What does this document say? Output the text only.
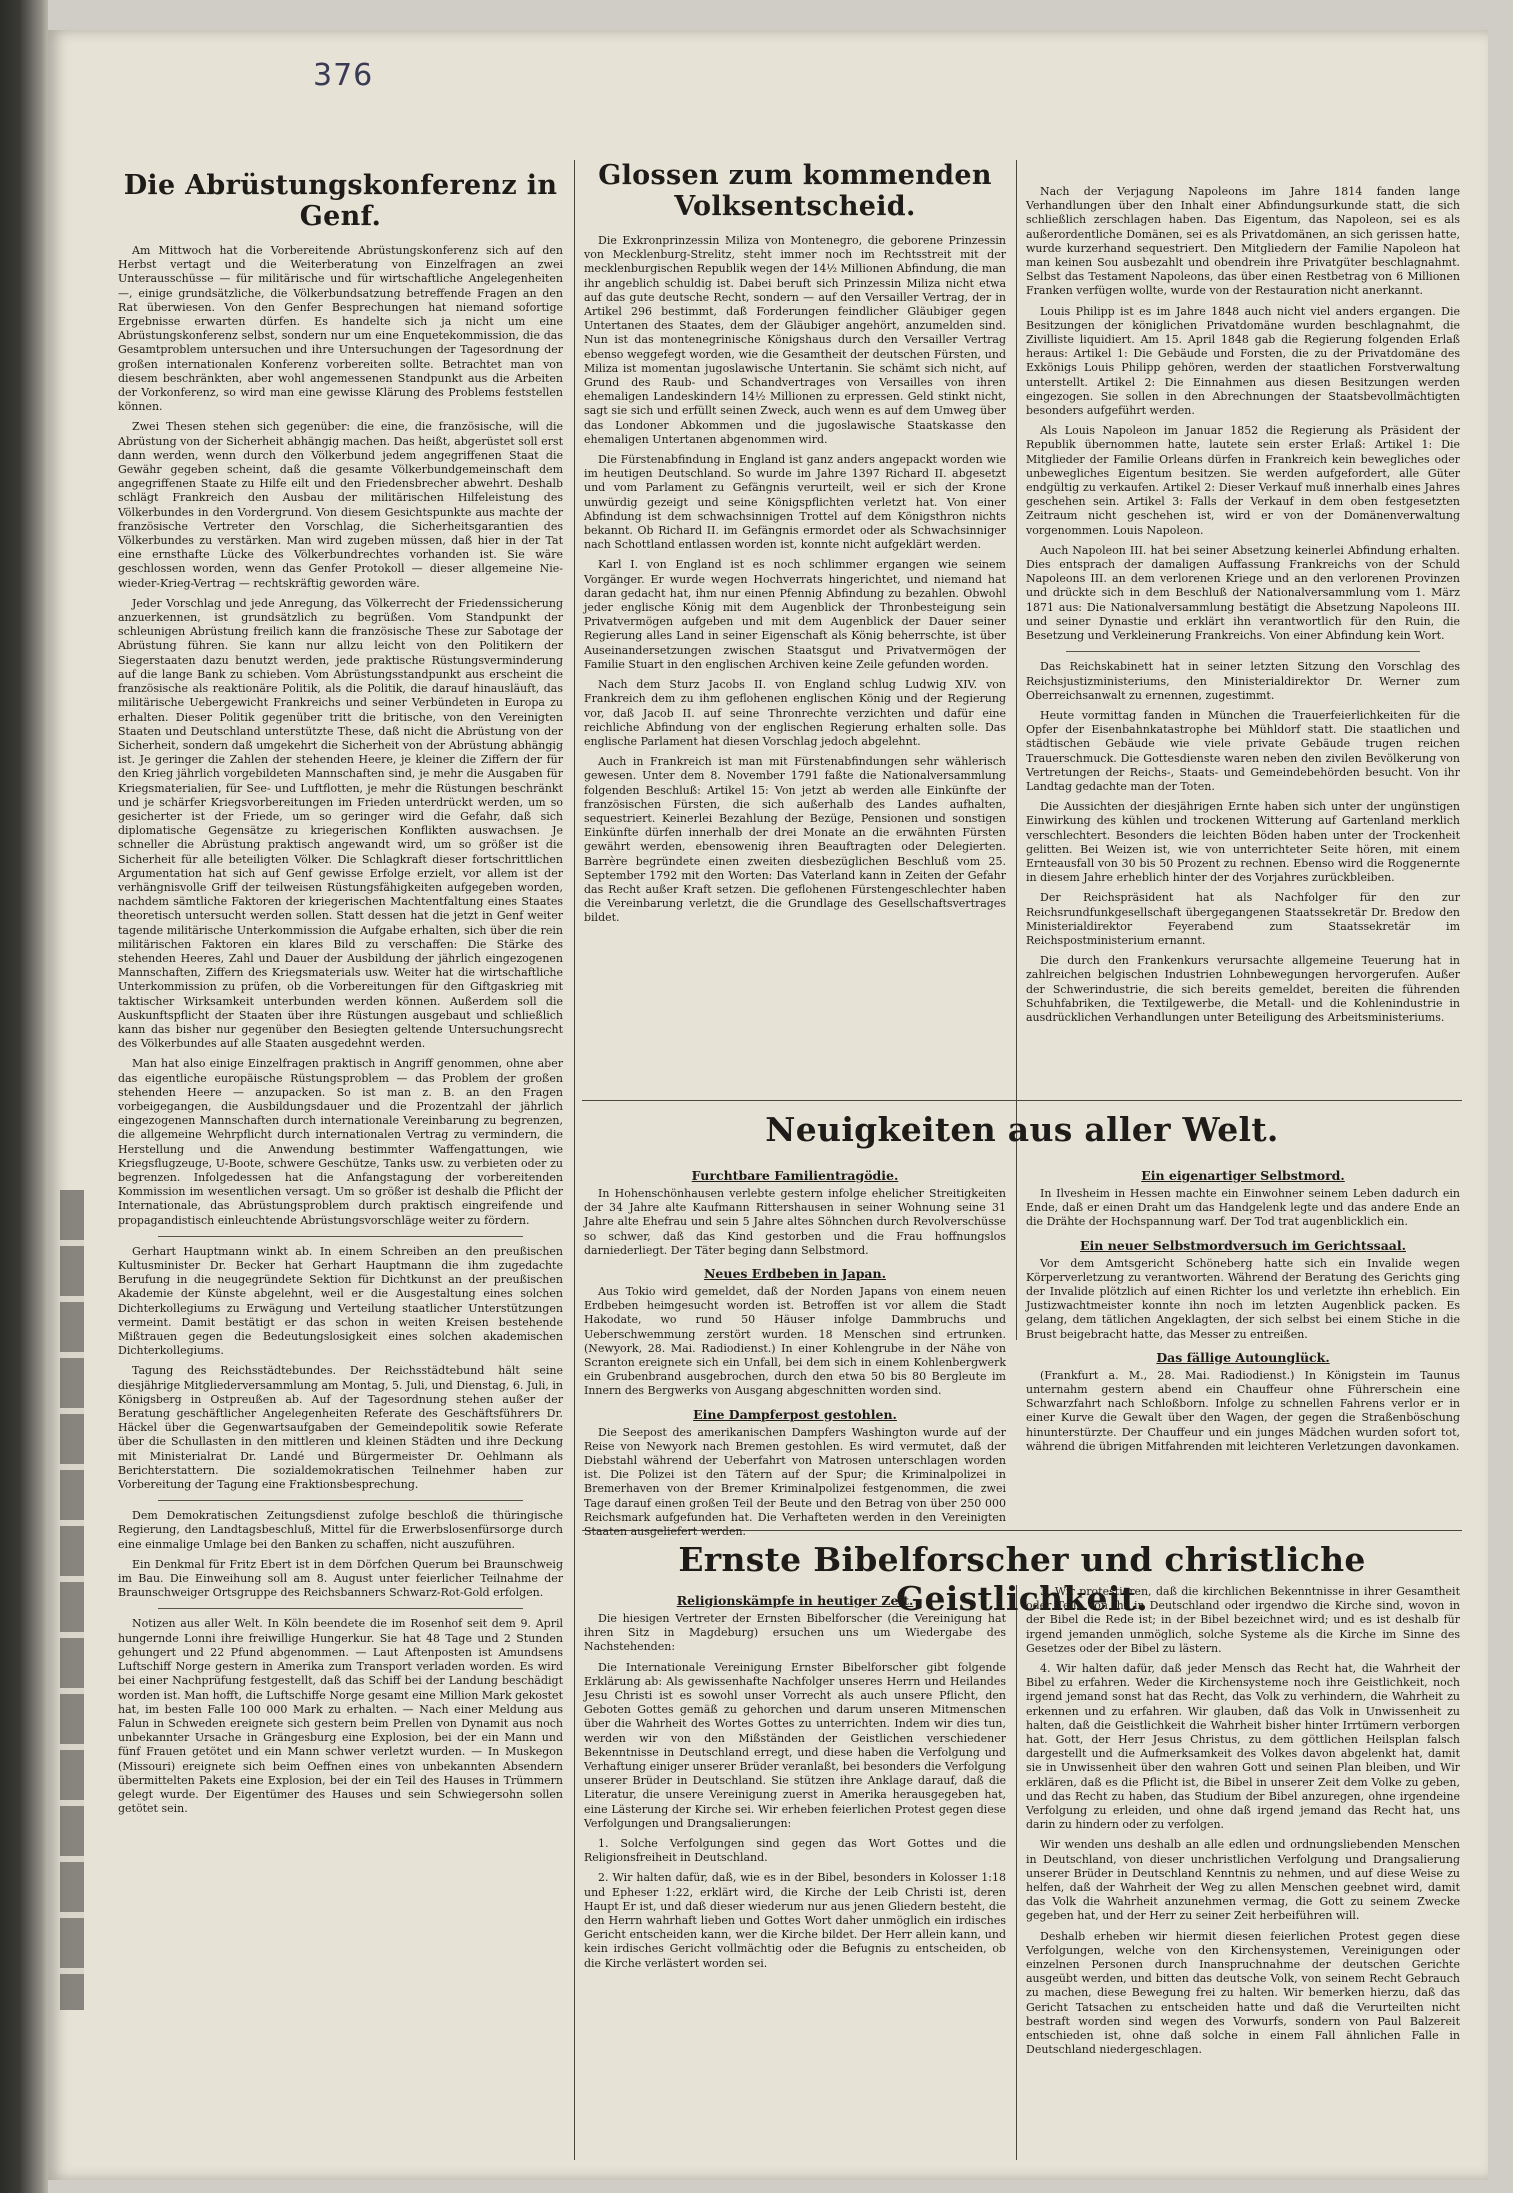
376
Die Abrüstungskonferenz in Genf.

Am Mittwoch hat die Vorbereitende Abrüstungskonferenz sich auf den Herbst vertagt und die Weiterberatung von Einzelfragen an zwei Unterausschüsse — für militärische und für wirtschaftliche Angelegenheiten —, einige grundsätzliche, die Völkerbundsatzung betreffende Fragen an den Rat überwiesen. Von den Genfer Besprechungen hat niemand sofortige Ergebnisse erwarten dürfen. Es handelte sich ja nicht um eine Abrüstungskonferenz selbst, sondern nur um eine Enquetekommission, die das Gesamtproblem untersuchen und ihre Untersuchungen der Tagesordnung der großen internationalen Konferenz vorbereiten sollte. Betrachtet man von diesem beschränkten, aber wohl angemessenen Standpunkt aus die Arbeiten der Vorkonferenz, so wird man eine gewisse Klärung des Problems feststellen können.

Zwei Thesen stehen sich gegenüber: die eine, die französische, will die Abrüstung von der Sicherheit abhängig machen. Das heißt, abgerüstet soll erst dann werden, wenn durch den Völkerbund jedem angegriffenen Staat die Gewähr gegeben scheint, daß die gesamte Völkerbundgemeinschaft dem angegriffenen Staate zu Hilfe eilt und den Friedensbrecher abwehrt. Deshalb schlägt Frankreich den Ausbau der militärischen Hilfeleistung des Völkerbundes in den Vordergrund. Von diesem Gesichtspunkte aus machte der französische Vertreter den Vorschlag, die Sicherheitsgarantien des Völkerbundes zu verstärken. Man wird zugeben müssen, daß hier in der Tat eine ernsthafte Lücke des Völkerbundrechtes vorhanden ist. Sie wäre geschlossen worden, wenn das Genfer Protokoll — dieser allgemeine Nie-wieder-Krieg-Vertrag — rechtskräftig geworden wäre.

Jeder Vorschlag und jede Anregung, das Völkerrecht der Friedenssicherung anzuerkennen, ist grundsätzlich zu begrüßen. Vom Standpunkt der schleunigen Abrüstung freilich kann die französische These zur Sabotage der Abrüstung führen. Sie kann nur allzu leicht von den Politikern der Siegerstaaten dazu benutzt werden, jede praktische Rüstungsverminderung auf die lange Bank zu schieben. Vom Abrüstungsstandpunkt aus erscheint die französische als reaktionäre Politik, als die Politik, die darauf hinausläuft, das militärische Uebergewicht Frankreichs und seiner Verbündeten in Europa zu erhalten. Dieser Politik gegenüber tritt die britische, von den Vereinigten Staaten und Deutschland unterstützte These, daß nicht die Abrüstung von der Sicherheit, sondern daß umgekehrt die Sicherheit von der Abrüstung abhängig ist. Je geringer die Zahlen der stehenden Heere, je kleiner die Ziffern der für den Krieg jährlich vorgebildeten Mannschaften sind, je mehr die Ausgaben für Kriegsmaterialien, für See- und Luftflotten, je mehr die Rüstungen beschränkt und je schärfer Kriegsvorbereitungen im Frieden unterdrückt werden, um so gesicherter ist der Friede, um so geringer wird die Gefahr, daß sich diplomatische Gegensätze zu kriegerischen Konflikten auswachsen. Je schneller die Abrüstung praktisch angewandt wird, um so größer ist die Sicherheit für alle beteiligten Völker. Die Schlagkraft dieser fortschrittlichen Argumentation hat sich auf Genf gewisse Erfolge erzielt, vor allem ist der verhängnisvolle Griff der teilweisen Rüstungsfähigkeiten aufgegeben worden, nachdem sämtliche Faktoren der kriegerischen Machtentfaltung eines Staates theoretisch untersucht werden sollen. Statt dessen hat die jetzt in Genf weiter tagende militärische Unterkommission die Aufgabe erhalten, sich über die rein militärischen Faktoren ein klares Bild zu verschaffen: Die Stärke des stehenden Heeres, Zahl und Dauer der Ausbildung der jährlich eingezogenen Mannschaften, Ziffern des Kriegsmaterials usw. Weiter hat die wirtschaftliche Unterkommission zu prüfen, ob die Vorbereitungen für den Giftgaskrieg mit taktischer Wirksamkeit unterbunden werden können. Außerdem soll die Auskunftspflicht der Staaten über ihre Rüstungen ausgebaut und schließlich kann das bisher nur gegenüber den Besiegten geltende Untersuchungsrecht des Völkerbundes auf alle Staaten ausgedehnt werden.

Man hat also einige Einzelfragen praktisch in Angriff genommen, ohne aber das eigentliche europäische Rüstungsproblem — das Problem der großen stehenden Heere — anzupacken. So ist man z. B. an den Fragen vorbeigegangen, die Ausbildungsdauer und die Prozentzahl der jährlich eingezogenen Mannschaften durch internationale Vereinbarung zu begrenzen, die allgemeine Wehrpflicht durch internationalen Vertrag zu vermindern, die Herstellung und die Anwendung bestimmter Waffengattungen, wie Kriegsflugzeuge, U-Boote, schwere Geschütze, Tanks usw. zu verbieten oder zu begrenzen. Infolgedessen hat die Anfangstagung der vorbereitenden Kommission im wesentlichen versagt. Um so größer ist deshalb die Pflicht der Internationale, das Abrüstungsproblem durch praktisch eingreifende und propagandistisch einleuchtende Abrüstungsvorschläge weiter zu fördern.

Gerhart Hauptmann winkt ab. In einem Schreiben an den preußischen Kultusminister Dr. Becker hat Gerhart Hauptmann die ihm zugedachte Berufung in die neugegründete Sektion für Dichtkunst an der preußischen Akademie der Künste abgelehnt, weil er die Ausgestaltung eines solchen Dichterkollegiums zu Erwägung und Verteilung staatlicher Unterstützungen vermeint. Damit bestätigt er das schon in weiten Kreisen bestehende Mißtrauen gegen die Bedeutungslosigkeit eines solchen akademischen Dichterkollegiums.

Tagung des Reichsstädtebundes. Der Reichsstädtebund hält seine diesjährige Mitgliederversammlung am Montag, 5. Juli, und Dienstag, 6. Juli, in Königsberg in Ostpreußen ab. Auf der Tagesordnung stehen außer der Beratung geschäftlicher Angelegenheiten Referate des Geschäftsführers Dr. Häckel über die Gegenwartsaufgaben der Gemeindepolitik sowie Referate über die Schullasten in den mittleren und kleinen Städten und ihre Deckung mit Ministerialrat Dr. Landé und Bürgermeister Dr. Oehlmann als Berichterstattern. Die sozialdemokratischen Teilnehmer haben zur Vorbereitung der Tagung eine Fraktionsbesprechung.

Dem Demokratischen Zeitungsdienst zufolge beschloß die thüringische Regierung, den Landtagsbeschluß, Mittel für die Erwerbslosenfürsorge durch eine einmalige Umlage bei den Banken zu schaffen, nicht auszuführen.

Ein Denkmal für Fritz Ebert ist in dem Dörfchen Querum bei Braunschweig im Bau. Die Einweihung soll am 8. August unter feierlicher Teilnahme der Braunschweiger Ortsgruppe des Reichsbanners Schwarz-Rot-Gold erfolgen.

Notizen aus aller Welt. In Köln beendete die im Rosenhof seit dem 9. April hungernde Lonni ihre freiwillige Hungerkur. Sie hat 48 Tage und 2 Stunden gehungert und 22 Pfund abgenommen. — Laut Aftenposten ist Amundsens Luftschiff Norge gestern in Amerika zum Transport verladen worden. Es wird bei einer Nachprüfung festgestellt, daß das Schiff bei der Landung beschädigt worden ist. Man hofft, die Luftschiffe Norge gesamt eine Million Mark gekostet hat, im besten Falle 100 000 Mark zu erhalten. — Nach einer Meldung aus Falun in Schweden ereignete sich gestern beim Prellen von Dynamit aus noch unbekannter Ursache in Grängesburg eine Explosion, bei der ein Mann und fünf Frauen getötet und ein Mann schwer verletzt wurden. — In Muskegon (Missouri) ereignete sich beim Oeffnen eines von unbekannten Absendern übermittelten Pakets eine Explosion, bei der ein Teil des Hauses in Trümmern gelegt wurde. Der Eigentümer des Hauses und sein Schwiegersohn sollen getötet sein.

Glossen zum kommenden Volksentscheid.

Die Exkronprinzessin Miliza von Montenegro, die geborene Prinzessin von Mecklenburg-Strelitz, steht immer noch im Rechtsstreit mit der mecklenburgischen Republik wegen der 14½ Millionen Abfindung, die man ihr angeblich schuldig ist. Dabei beruft sich Prinzessin Miliza nicht etwa auf das gute deutsche Recht, sondern — auf den Versailler Vertrag, der in Artikel 296 bestimmt, daß Forderungen feindlicher Gläubiger gegen Untertanen des Staates, dem der Gläubiger angehört, anzumelden sind. Nun ist das montenegrinische Königshaus durch den Versailler Vertrag ebenso weggefegt worden, wie die Gesamtheit der deutschen Fürsten, und Miliza ist momentan jugoslawische Untertanin. Sie schämt sich nicht, auf Grund des Raub- und Schandvertrages von Versailles von ihren ehemaligen Landeskindern 14½ Millionen zu erpressen. Geld stinkt nicht, sagt sie sich und erfüllt seinen Zweck, auch wenn es auf dem Umweg über das Londoner Abkommen und die jugoslawische Staatskasse den ehemaligen Untertanen abgenommen wird.

Die Fürstenabfindung in England ist ganz anders angepackt worden wie im heutigen Deutschland. So wurde im Jahre 1397 Richard II. abgesetzt und vom Parlament zu Gefängnis verurteilt, weil er sich der Krone unwürdig gezeigt und seine Königspflichten verletzt hat. Von einer Abfindung ist dem schwachsinnigen Trottel auf dem Königsthron nichts bekannt. Ob Richard II. im Gefängnis ermordet oder als Schwachsinniger nach Schottland entlassen worden ist, konnte nicht aufgeklärt werden.

Karl I. von England ist es noch schlimmer ergangen wie seinem Vorgänger. Er wurde wegen Hochverrats hingerichtet, und niemand hat daran gedacht hat, ihm nur einen Pfennig Abfindung zu bezahlen. Obwohl jeder englische König mit dem Augenblick der Thronbesteigung sein Privatvermögen aufgeben und mit dem Augenblick der Dauer seiner Regierung alles Land in seiner Eigenschaft als König beherrschte, ist über Auseinandersetzungen zwischen Staatsgut und Privatvermögen der Familie Stuart in den englischen Archiven keine Zeile gefunden worden.

Nach dem Sturz Jacobs II. von England schlug Ludwig XIV. von Frankreich dem zu ihm geflohenen englischen König und der Regierung vor, daß Jacob II. auf seine Thronrechte verzichten und dafür eine reichliche Abfindung von der englischen Regierung erhalten solle. Das englische Parlament hat diesen Vorschlag jedoch abgelehnt.

Auch in Frankreich ist man mit Fürstenabfindungen sehr wählerisch gewesen. Unter dem 8. November 1791 faßte die Nationalversammlung folgenden Beschluß: Artikel 15: Von jetzt ab werden alle Einkünfte der französischen Fürsten, die sich außerhalb des Landes aufhalten, sequestriert. Keinerlei Bezahlung der Bezüge, Pensionen und sonstigen Einkünfte dürfen innerhalb der drei Monate an die erwähnten Fürsten gewährt werden, ebensowenig ihren Beauftragten oder Delegierten. Barrère begründete einen zweiten diesbezüglichen Beschluß vom 25. September 1792 mit den Worten: Das Vaterland kann in Zeiten der Gefahr das Recht außer Kraft setzen. Die geflohenen Fürstengeschlechter haben die Vereinbarung verletzt, die die Grundlage des Gesellschaftsvertrages bildet.

Nach der Verjagung Napoleons im Jahre 1814 fanden lange Verhandlungen über den Inhalt einer Abfindungsurkunde statt, die sich schließlich zerschlagen haben. Das Eigentum, das Napoleon, sei es als außerordentliche Domänen, sei es als Privatdomänen, an sich gerissen hatte, wurde kurzerhand sequestriert. Den Mitgliedern der Familie Napoleon hat man keinen Sou ausbezahlt und obendrein ihre Privatgüter beschlagnahmt. Selbst das Testament Napoleons, das über einen Restbetrag von 6 Millionen Franken verfügen wollte, wurde von der Restauration nicht anerkannt.

Louis Philipp ist es im Jahre 1848 auch nicht viel anders ergangen. Die Besitzungen der königlichen Privatdomäne wurden beschlagnahmt, die Zivilliste liquidiert. Am 15. April 1848 gab die Regierung folgenden Erlaß heraus: Artikel 1: Die Gebäude und Forsten, die zu der Privatdomäne des Exkönigs Louis Philipp gehören, werden der staatlichen Forstverwaltung unterstellt. Artikel 2: Die Einnahmen aus diesen Besitzungen werden eingezogen. Sie sollen in den Abrechnungen der Staatsbevollmächtigten besonders aufgeführt werden.

Als Louis Napoleon im Januar 1852 die Regierung als Präsident der Republik übernommen hatte, lautete sein erster Erlaß: Artikel 1: Die Mitglieder der Familie Orleans dürfen in Frankreich kein bewegliches oder unbewegliches Eigentum besitzen. Sie werden aufgefordert, alle Güter endgültig zu verkaufen. Artikel 2: Dieser Verkauf muß innerhalb eines Jahres geschehen sein. Artikel 3: Falls der Verkauf in dem oben festgesetzten Zeitraum nicht geschehen ist, wird er von der Domänenverwaltung vorgenommen. Louis Napoleon.

Auch Napoleon III. hat bei seiner Absetzung keinerlei Abfindung erhalten. Dies entsprach der damaligen Auffassung Frankreichs von der Schuld Napoleons III. an dem verlorenen Kriege und an den verlorenen Provinzen und drückte sich in dem Beschluß der Nationalversammlung vom 1. März 1871 aus: Die Nationalversammlung bestätigt die Absetzung Napoleons III. und seiner Dynastie und erklärt ihn verantwortlich für den Ruin, die Besetzung und Verkleinerung Frankreichs. Von einer Abfindung kein Wort.

Das Reichskabinett hat in seiner letzten Sitzung den Vorschlag des Reichsjustizministeriums, den Ministerialdirektor Dr. Werner zum Oberreichsanwalt zu ernennen, zugestimmt.

Heute vormittag fanden in München die Trauerfeierlichkeiten für die Opfer der Eisenbahnkatastrophe bei Mühldorf statt. Die staatlichen und städtischen Gebäude wie viele private Gebäude trugen reichen Trauerschmuck. Die Gottesdienste waren neben den zivilen Bevölkerung von Vertretungen der Reichs-, Staats- und Gemeindebehörden besucht. Von ihr Landtag gedachte man der Toten.

Die Aussichten der diesjährigen Ernte haben sich unter der ungünstigen Einwirkung des kühlen und trockenen Witterung auf Gartenland merklich verschlechtert. Besonders die leichten Böden haben unter der Trockenheit gelitten. Bei Weizen ist, wie von unterrichteter Seite hören, mit einem Ernteausfall von 30 bis 50 Prozent zu rechnen. Ebenso wird die Roggenernte in diesem Jahre erheblich hinter der des Vorjahres zurückbleiben.

Der Reichspräsident hat als Nachfolger für den zur Reichsrundfunkgesellschaft übergegangenen Staatssekretär Dr. Bredow den Ministerialdirektor Feyerabend zum Staatssekretär im Reichspostministerium ernannt.

Die durch den Frankenkurs verursachte allgemeine Teuerung hat in zahlreichen belgischen Industrien Lohnbewegungen hervorgerufen. Außer der Schwerindustrie, die sich bereits gemeldet, bereiten die führenden Schuhfabriken, die Textilgewerbe, die Metall- und die Kohlenindustrie in ausdrücklichen Verhandlungen unter Beteiligung des Arbeitsministeriums.

Neuigkeiten aus aller Welt.
Furchtbare Familientragödie.

In Hohenschönhausen verlebte gestern infolge ehelicher Streitigkeiten der 34 Jahre alte Kaufmann Rittershausen in seiner Wohnung seine 31 Jahre alte Ehefrau und sein 5 Jahre altes Söhnchen durch Revolverschüsse so schwer, daß das Kind gestorben und die Frau hoffnungslos darniederliegt. Der Täter beging dann Selbstmord.

Neues Erdbeben in Japan.

Aus Tokio wird gemeldet, daß der Norden Japans von einem neuen Erdbeben heimgesucht worden ist. Betroffen ist vor allem die Stadt Hakodate, wo rund 50 Häuser infolge Dammbruchs und Ueberschwemmung zerstört wurden. 18 Menschen sind ertrunken. (Newyork, 28. Mai. Radiodienst.) In einer Kohlengrube in der Nähe von Scranton ereignete sich ein Unfall, bei dem sich in einem Kohlenbergwerk ein Grubenbrand ausgebrochen, durch den etwa 50 bis 80 Bergleute im Innern des Bergwerks von Ausgang abgeschnitten worden sind.

Eine Dampferpost gestohlen.

Die Seepost des amerikanischen Dampfers Washington wurde auf der Reise von Newyork nach Bremen gestohlen. Es wird vermutet, daß der Diebstahl während der Ueberfahrt von Matrosen unterschlagen worden ist. Die Polizei ist den Tätern auf der Spur; die Kriminalpolizei in Bremerhaven von der Bremer Kriminalpolizei festgenommen, die zwei Tage darauf einen großen Teil der Beute und den Betrag von über 250 000 Reichsmark aufgefunden hat. Die Verhafteten werden in den Vereinigten Staaten ausgeliefert werden.

Ein eigenartiger Selbstmord.

In Ilvesheim in Hessen machte ein Einwohner seinem Leben dadurch ein Ende, daß er einen Draht um das Handgelenk legte und das andere Ende an die Drähte der Hochspannung warf. Der Tod trat augenblicklich ein.

Ein neuer Selbstmordversuch im Gerichtssaal.

Vor dem Amtsgericht Schöneberg hatte sich ein Invalide wegen Körperverletzung zu verantworten. Während der Beratung des Gerichts ging der Invalide plötzlich auf einen Richter los und verletzte ihn erheblich. Ein Justizwachtmeister konnte ihn noch im letzten Augenblick packen. Es gelang, dem tätlichen Angeklagten, der sich selbst bei einem Stiche in die Brust beigebracht hatte, das Messer zu entreißen.

Das fällige Autounglück.

(Frankfurt a. M., 28. Mai. Radiodienst.) In Königstein im Taunus unternahm gestern abend ein Chauffeur ohne Führerschein eine Schwarzfahrt nach Schloßborn. Infolge zu schnellen Fahrens verlor er in einer Kurve die Gewalt über den Wagen, der gegen die Straßenböschung hinunterstürzte. Der Chauffeur und ein junges Mädchen wurden sofort tot, während die übrigen Mitfahrenden mit leichteren Verletzungen davonkamen.

Ernste Bibelforscher und christliche Geistlichkeit.
Religionskämpfe in heutiger Zeit.

Die hiesigen Vertreter der Ernsten Bibelforscher (die Vereinigung hat ihren Sitz in Magdeburg) ersuchen uns um Wiedergabe des Nachstehenden:

Die Internationale Vereinigung Ernster Bibelforscher gibt folgende Erklärung ab: Als gewissenhafte Nachfolger unseres Herrn und Heilandes Jesu Christi ist es sowohl unser Vorrecht als auch unsere Pflicht, den Geboten Gottes gemäß zu gehorchen und darum unseren Mitmenschen über die Wahrheit des Wortes Gottes zu unterrichten. Indem wir dies tun, werden wir von den Mißständen der Geistlichen verschiedener Bekenntnisse in Deutschland erregt, und diese haben die Verfolgung und Verhaftung einiger unserer Brüder veranlaßt, bei besonders die Verfolgung unserer Brüder in Deutschland. Sie stützen ihre Anklage darauf, daß die Literatur, die unsere Vereinigung zuerst in Amerika herausgegeben hat, eine Lästerung der Kirche sei. Wir erheben feierlichen Protest gegen diese Verfolgungen und Drangsalierungen:

1. Solche Verfolgungen sind gegen das Wort Gottes und die Religionsfreiheit in Deutschland.

2. Wir halten dafür, daß, wie es in der Bibel, besonders in Kolosser 1:18 und Epheser 1:22, erklärt wird, die Kirche der Leib Christi ist, deren Haupt Er ist, und daß dieser wiederum nur aus jenen Gliedern besteht, die den Herrn wahrhaft lieben und Gottes Wort daher unmöglich ein irdisches Gericht entscheiden kann, wer die Kirche bildet. Der Herr allein kann, und kein irdisches Gericht vollmächtig oder die Befugnis zu entscheiden, ob die Kirche verlästert worden sei.

3. Wir protestieren, daß die kirchlichen Bekenntnisse in ihrer Gesamtheit oder Teile von ihr in Deutschland oder irgendwo die Kirche sind, wovon in der Bibel die Rede ist; in der Bibel bezeichnet wird; und es ist deshalb für irgend jemanden unmöglich, solche Systeme als die Kirche im Sinne des Gesetzes oder der Bibel zu lästern.

4. Wir halten dafür, daß jeder Mensch das Recht hat, die Wahrheit der Bibel zu erfahren. Weder die Kirchensysteme noch ihre Geistlichkeit, noch irgend jemand sonst hat das Recht, das Volk zu verhindern, die Wahrheit zu erkennen und zu erfahren. Wir glauben, daß das Volk in Unwissenheit zu halten, daß die Geistlichkeit die Wahrheit bisher hinter Irrtümern verborgen hat. Gott, der Herr Jesus Christus, zu dem göttlichen Heilsplan falsch dargestellt und die Aufmerksamkeit des Volkes davon abgelenkt hat, damit sie in Unwissenheit über den wahren Gott und seinen Plan bleiben, und Wir erklären, daß es die Pflicht ist, die Bibel in unserer Zeit dem Volke zu geben, und das Recht zu haben, das Studium der Bibel anzuregen, ohne irgendeine Verfolgung zu erleiden, und ohne daß irgend jemand das Recht hat, uns darin zu hindern oder zu verfolgen.

Wir wenden uns deshalb an alle edlen und ordnungsliebenden Menschen in Deutschland, von dieser unchristlichen Verfolgung und Drangsalierung unserer Brüder in Deutschland Kenntnis zu nehmen, und auf diese Weise zu helfen, daß der Wahrheit der Weg zu allen Menschen geebnet wird, damit das Volk die Wahrheit anzunehmen vermag, die Gott zu seinem Zwecke gegeben hat, und der Herr zu seiner Zeit herbeiführen will.

Deshalb erheben wir hiermit diesen feierlichen Protest gegen diese Verfolgungen, welche von den Kirchensystemen, Vereinigungen oder einzelnen Personen durch Inanspruchnahme der deutschen Gerichte ausgeübt werden, und bitten das deutsche Volk, von seinem Recht Gebrauch zu machen, diese Bewegung frei zu halten. Wir bemerken hierzu, daß das Gericht Tatsachen zu entscheiden hatte und daß die Verurteilten nicht bestraft worden sind wegen des Vorwurfs, sondern von Paul Balzereit entschieden ist, ohne daß solche in einem Fall ähnlichen Falle in Deutschland niedergeschlagen.
